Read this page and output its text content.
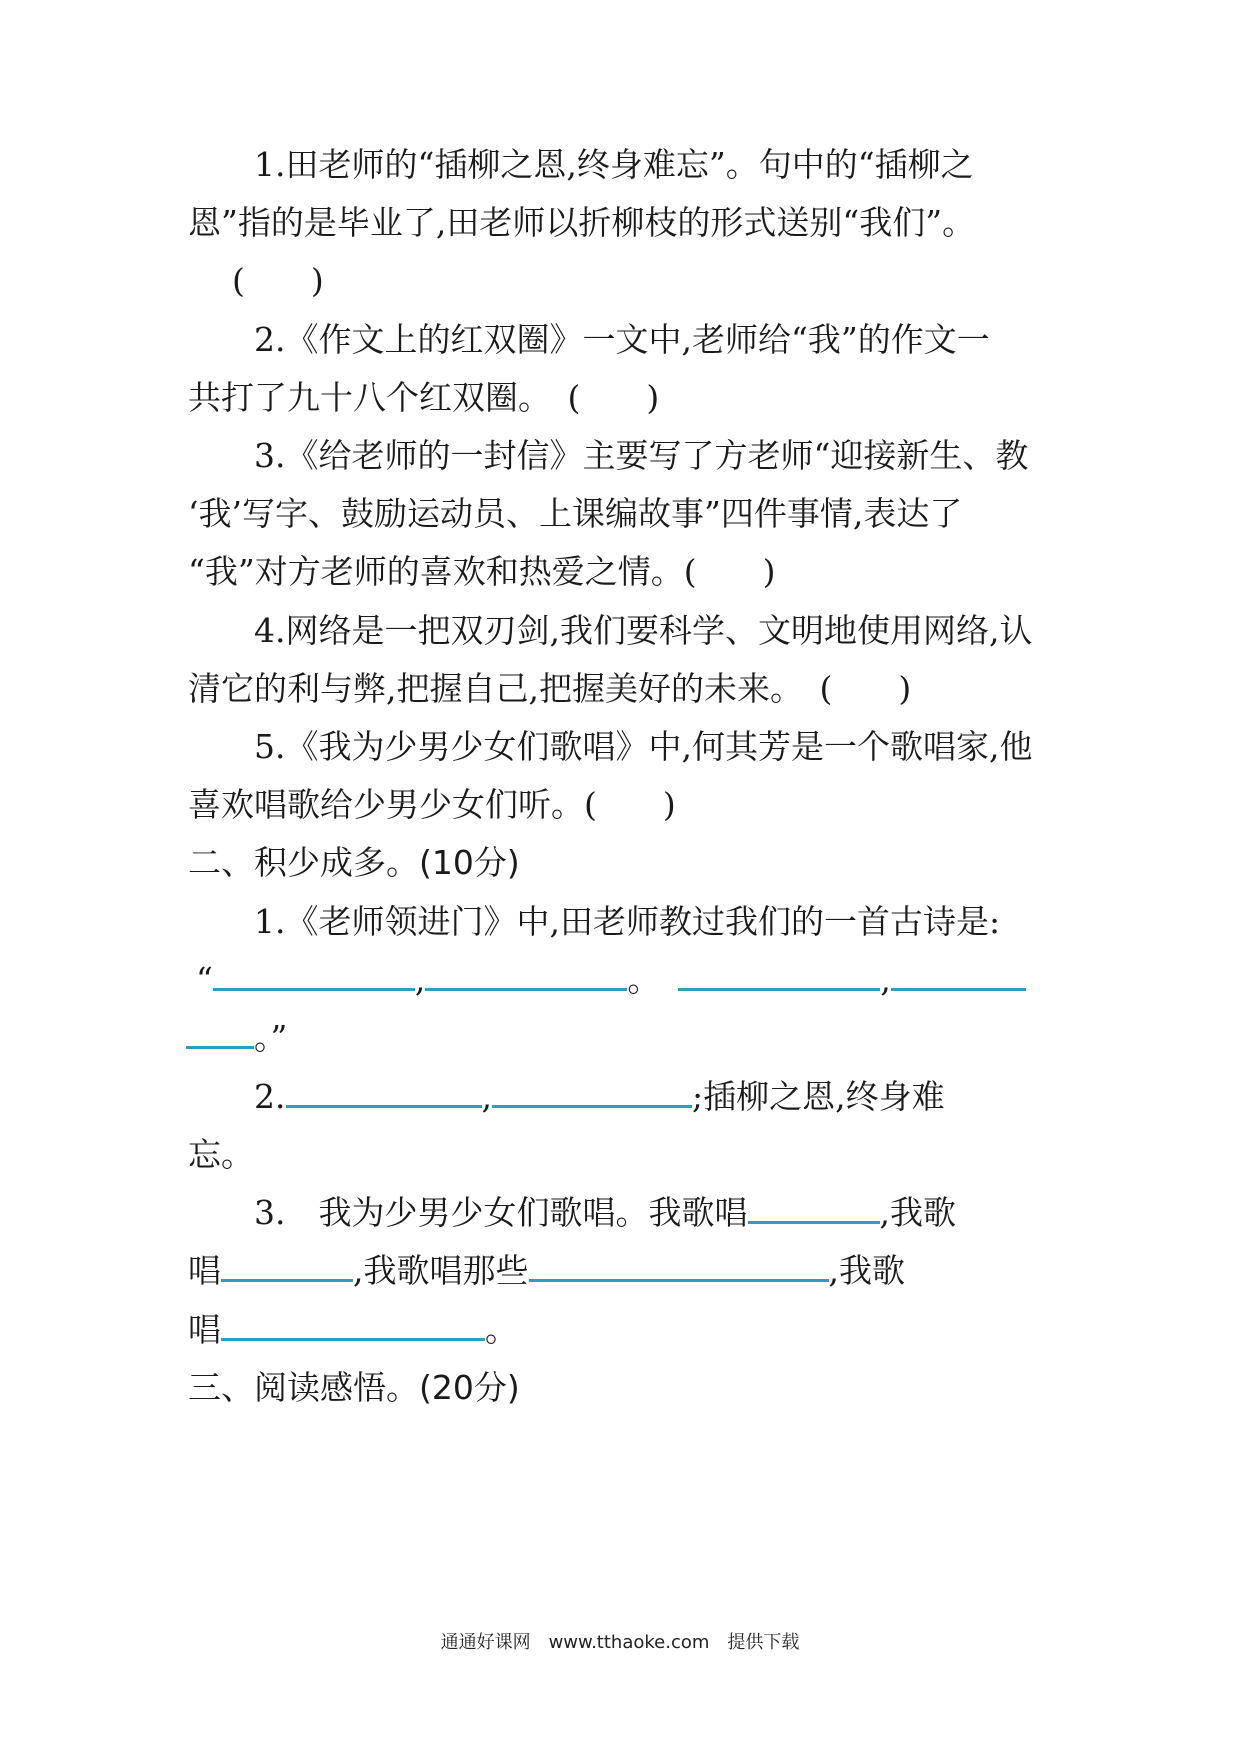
1.田老师的“插柳之恩,终身难忘”。句中的“插柳之

恩”指的是毕业了,田老师以折柳枝的形式送别“我们”。

(　　)

2.《作文上的红双圈》一文中,老师给“我”的作文一

共打了九十八个红双圈。　(　　)

3.《给老师的一封信》主要写了方老师“迎接新生、教

‘我’写字、鼓励运动员、上课编故事”四件事情,表达了

“我”对方老师的喜欢和热爱之情。(　　)

4.网络是一把双刃剑,我们要科学、文明地使用网络,认

清它的利与弊,把握自己,把握美好的未来。　(　　)

5.《我为少男少女们歌唱》中,何其芳是一个歌唱家,他

喜欢唱歌给少男少女们听。(　　)

二、积少成多。(10分)

1.《老师领进门》中,田老师教过我们的一首古诗是:

“	,	。	,

。”

2.	,	;插柳之恩,终身难

忘。

3.　我为少男少女们歌唱。我歌唱	,我歌

唱	,我歌唱那些	,我歌

唱	。

三、阅读感悟。(20分)

通通好课网　www.tthaoke.com　提供下载
